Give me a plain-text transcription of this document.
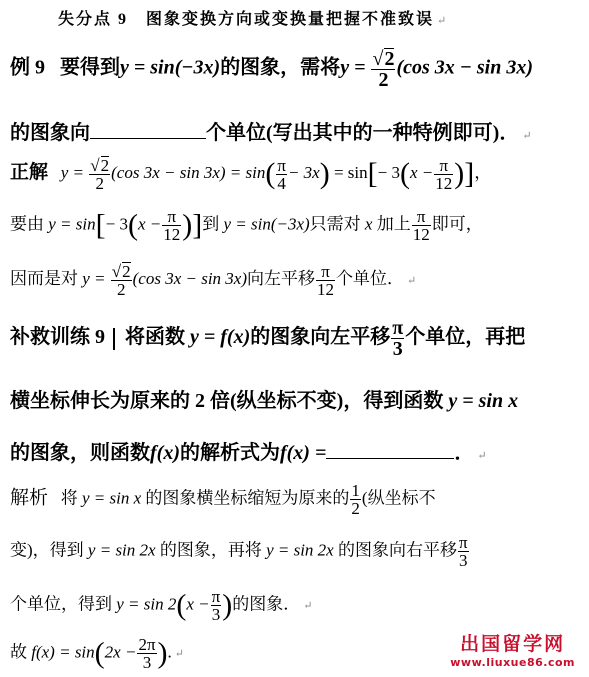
失分点 9　图象变换方向或变换量把握不准致误 ↵
例 9 要得到y = sin(−3x)的图象，需将$y = \frac{√2}{2} (\cos$ 3x − sin 3x)
的图象向	个单位(写出其中的一种特例即可)． ↵
正解 $y = \frac{√2}{2} (\cos$ $3x - \sin 3x) = \sin( \frac{\pi}{4} - 3x) = \sin[- 3(x - \frac{\pi}{12}$ )]，
要由 $y = \sin[- 3(x - \frac{\pi}{12}$ )]到 y = sin(−3x)只需对 x 加上 $\frac{\pi}{12}$ 即可，
因而是对 $y = \frac{√2}{2} (\cos$ 3x − sin 3x)向左平移 $\frac{\pi}{12}$ 个单位． ↵
补救训练 9 将函数 y = f(x)的图象向左平移 $\frac{\pi}{3}$ 个单位，再把
横坐标伸长为原来的 2 倍(纵坐标不变)，得到函数 y = sin x
的图象，则函数f(x)的解析式为f(x) =	． ↵
解析 将 y = sin x 的图象横坐标缩短为原来的 $\frac{1}{2}$ (纵坐标不
变)，得到 y = sin 2x 的图象，再将 y = sin 2x 的图象向右平移 $\frac{\pi}{3}$
个单位，得到 $y = \sin 2(x - \frac{\pi}{3}$ )的图象． ↵
故 $f(x) = \sin(2x - \frac{2\pi}{3}$ ). ↵	出国留学网
www.liuxue86.com
